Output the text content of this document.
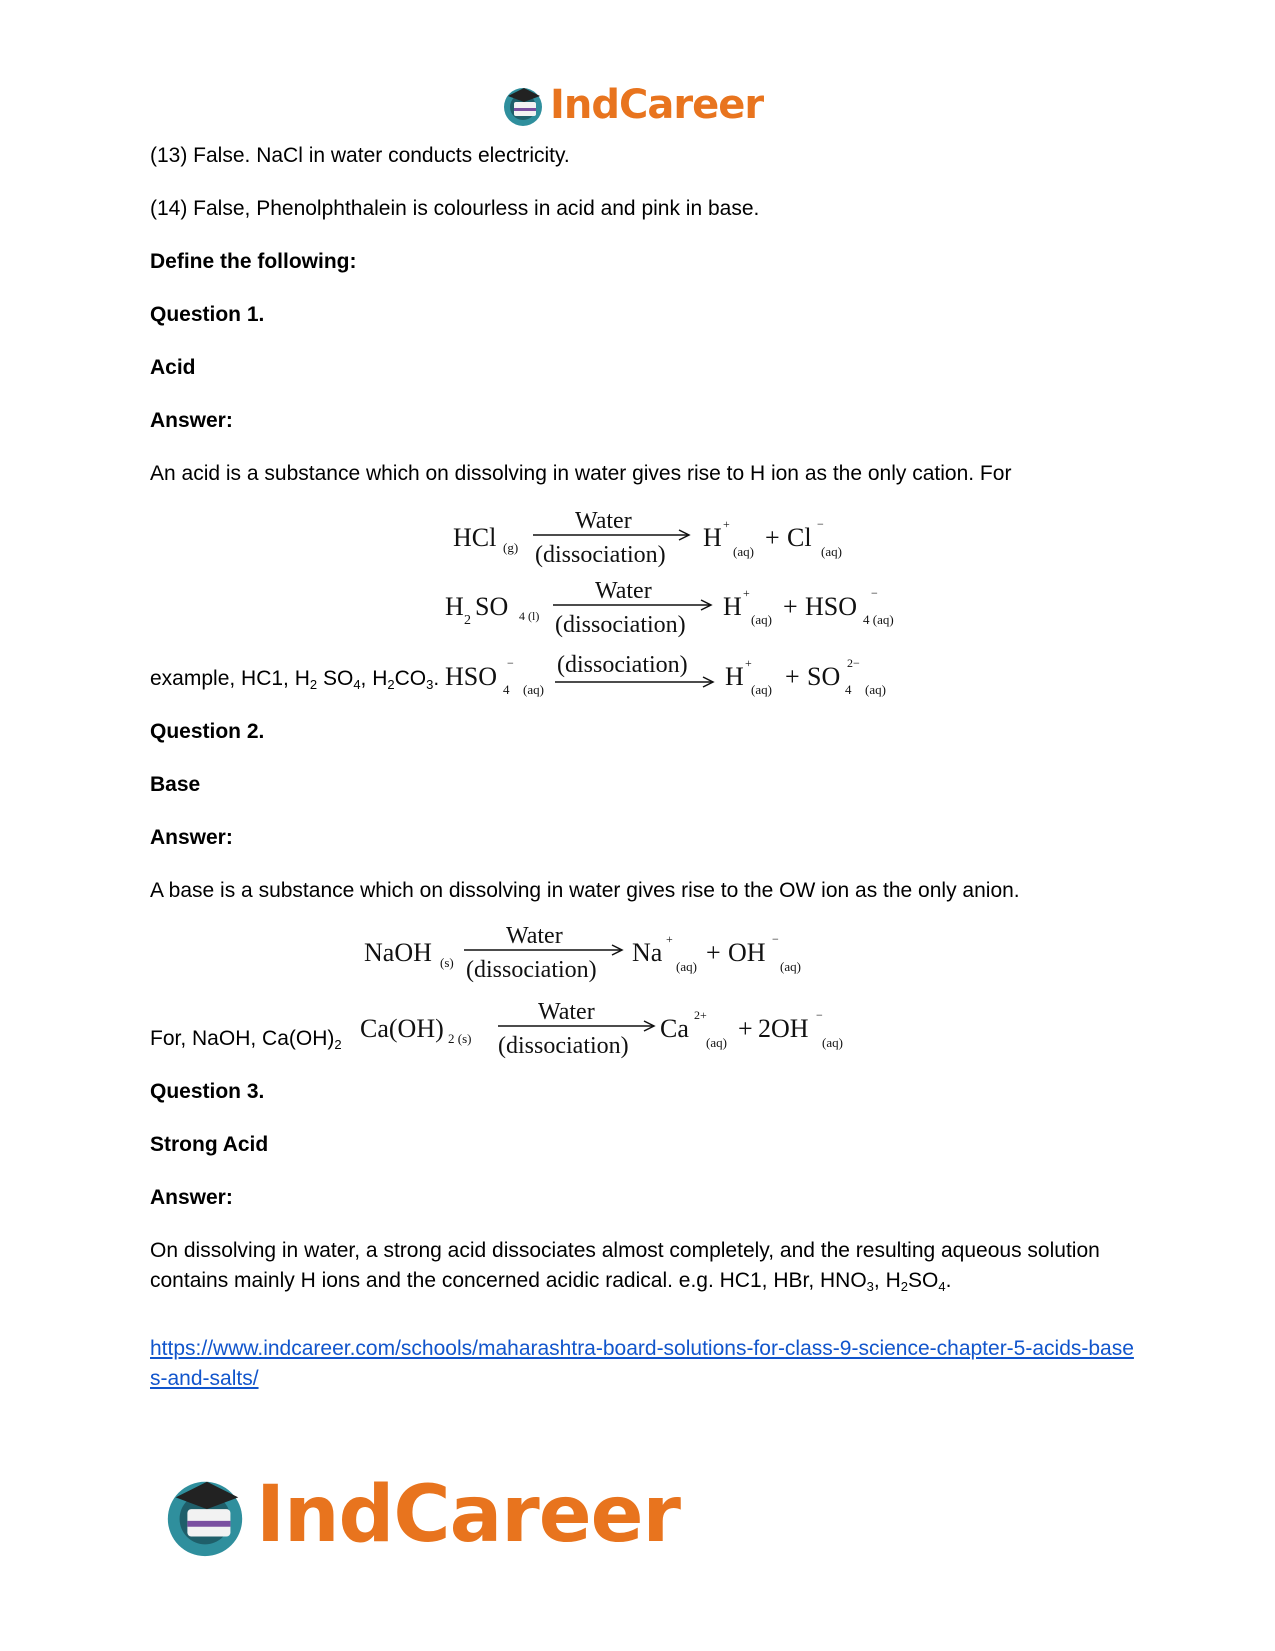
IndCareer
(13) False. NaCl in water conducts electricity.
(14) False, Phenolphthalein is colourless in acid and pink in base.
Define the following:
Question 1.
Acid
Answer:
An acid is a substance which on dissolving in water gives rise to H ion as the only cation. For
HCl (g)
Water
(dissociation)
H +
(aq) + Cl −
(aq)
H 2 SO 4 (l)
Water
(dissociation)
H +
(aq) + HSO −
4 (aq)
HSO −
4 (aq)
(dissociation) H +
(aq) + SO 2−
4 (aq)
example, HC1, $H_2$ $SO_4$, $H_2CO_3$.
Question 2.
Base
Answer:
A base is a substance which on dissolving in water gives rise to the OW ion as the only anion.
NaOH (s)
Water
(dissociation)
Na +
(aq) + OH −
(aq)
Ca(OH) 2 (s)
Water
(dissociation)
Ca 2+
(aq) + 2OH −
(aq)
For, NaOH, $Ca(OH)_2$
Question 3.
Strong Acid
Answer:
On dissolving in water, a strong acid dissociates almost completely, and the resulting aqueous solution contains mainly H ions and the concerned acidic radical. e.g. HC1, HBr, $HNO_3$, $H_2SO_4$.
https://www.indcareer.com/schools/maharashtra-board-solutions-for-class-9-science-chapter-5-acids-bases-and-salts/
IndCareer
